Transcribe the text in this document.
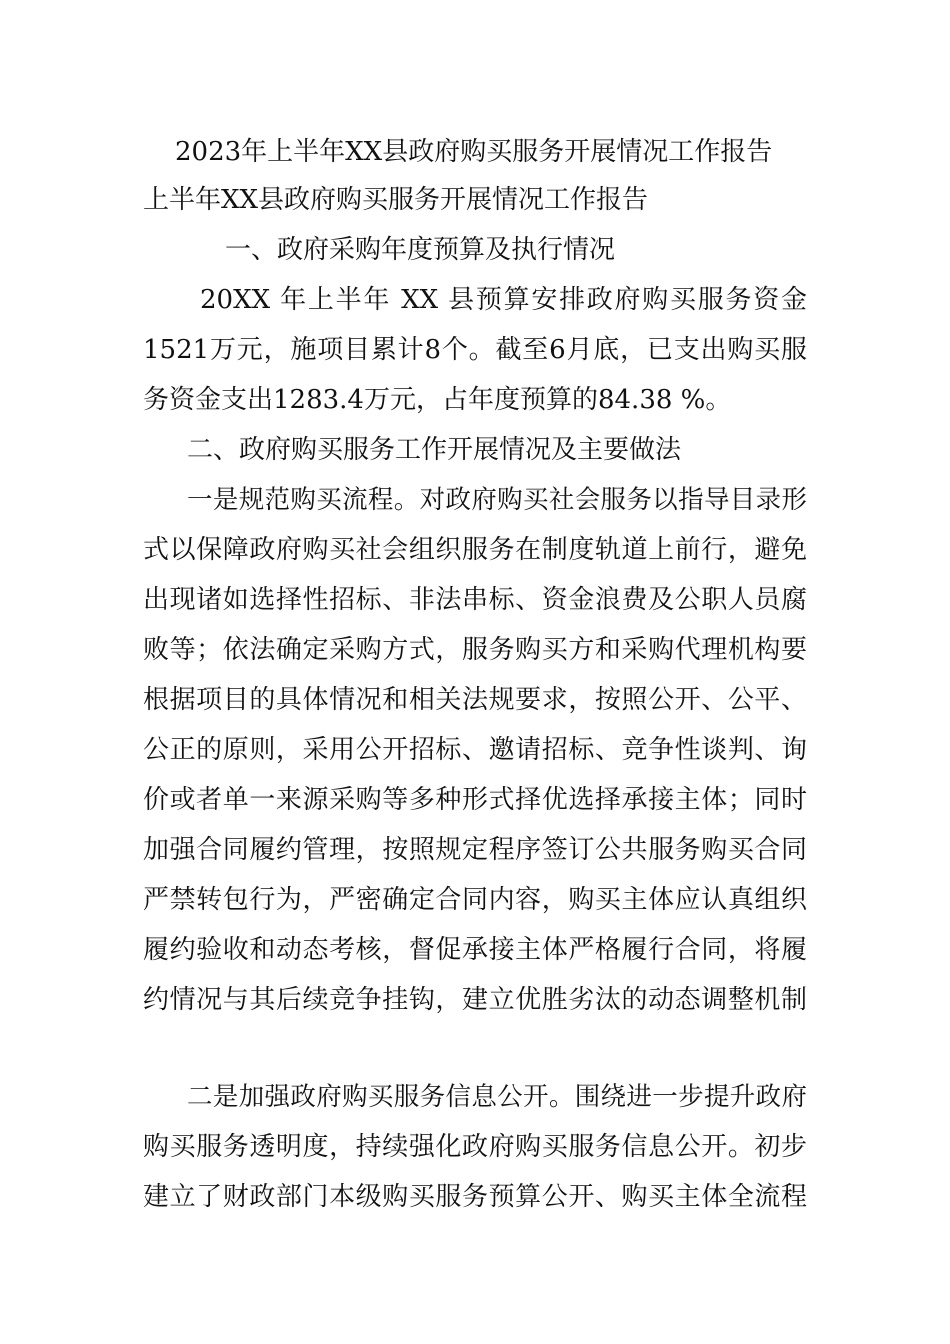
2023年上半年XX县政府购买服务开展情况工作报告
上半年XX县政府购买服务开展情况工作报告
一、政府采购年度预算及执行情况
20XX 年上半年 XX 县预算安排政府购买服务资金
1521万元，施项目累计8个。截至6月底，已支出购买服
务资金支出1283.4万元，占年度预算的84.38 %。
二、政府购买服务工作开展情况及主要做法
一是规范购买流程。对政府购买社会服务以指导目录形
式以保障政府购买社会组织服务在制度轨道上前行，避免
出现诸如选择性招标、非法串标、资金浪费及公职人员腐
败等；依法确定采购方式，服务购买方和采购代理机构要
根据项目的具体情况和相关法规要求，按照公开、公平、
公正的原则，采用公开招标、邀请招标、竞争性谈判、询
价或者单一来源采购等多种形式择优选择承接主体；同时
加强合同履约管理，按照规定程序签订公共服务购买合同
严禁转包行为，严密确定合同内容，购买主体应认真组织
履约验收和动态考核，督促承接主体严格履行合同，将履
约情况与其后续竞争挂钩，建立优胜劣汰的动态调整机制
二是加强政府购买服务信息公开。围绕进一步提升政府
购买服务透明度，持续强化政府购买服务信息公开。初步
建立了财政部门本级购买服务预算公开、购买主体全流程
